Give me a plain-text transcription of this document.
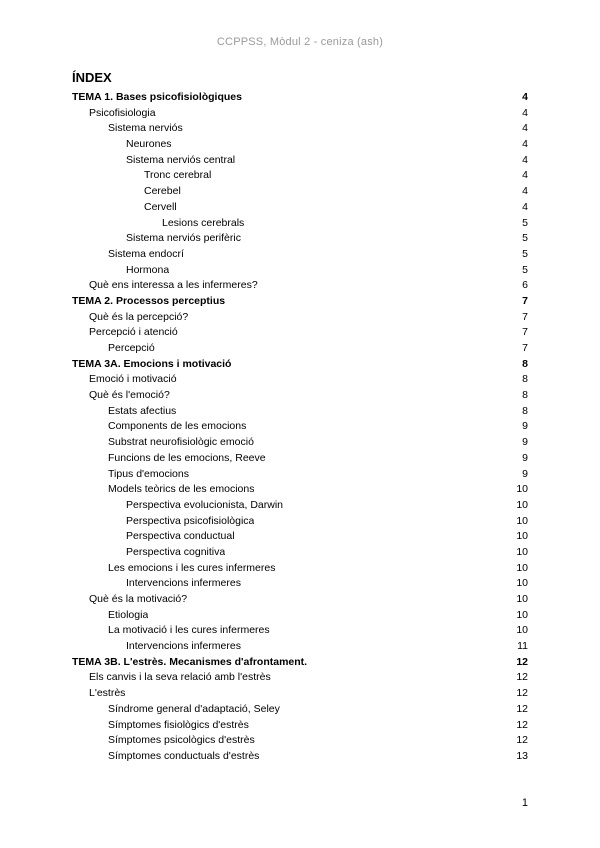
CCPPSS, Mòdul 2 - ceniza (ash)
ÍNDEX
TEMA 1. Bases psicofisiològiques	4
Psicofisiologia	4
Sistema nerviós	4
Neurones	4
Sistema nerviós central	4
Tronc cerebral	4
Cerebel	4
Cervell	4
Lesions cerebrals	5
Sistema nerviós perifèric	5
Sistema endocrí	5
Hormona	5
Què ens interessa a les infermeres?	6
TEMA 2. Processos perceptius	7
Què és la percepció?	7
Percepció i atenció	7
Percepció	7
TEMA 3A. Emocions i motivació	8
Emoció i motivació	8
Què és l'emoció?	8
Estats afectius	8
Components de les emocions	9
Substrat neurofisiològic emoció	9
Funcions de les emocions, Reeve	9
Tipus d'emocions	9
Models teòrics de les emocions	10
Perspectiva evolucionista, Darwin	10
Perspectiva psicofisiològica	10
Perspectiva conductual	10
Perspectiva cognitiva	10
Les emocions i les cures infermeres	10
Intervencions infermeres	10
Què és la motivació?	10
Etiologia	10
La motivació i les cures infermeres	10
Intervencions infermeres	11
TEMA 3B. L'estrès. Mecanismes d'afrontament.	12
Els canvis i la seva relació amb l'estrès	12
L'estrès	12
Síndrome general d'adaptació, Seley	12
Símptomes fisiològics d'estrès	12
Símptomes psicològics d'estrès	12
Símptomes conductuals d'estrès	13
1
